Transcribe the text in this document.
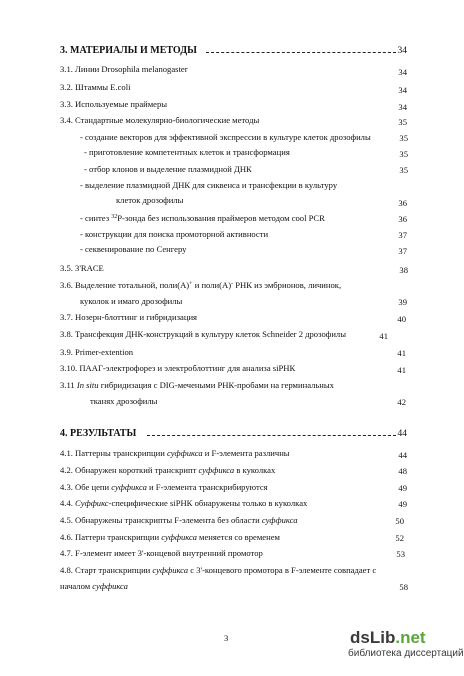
3. МАТЕРИАЛЫ И МЕТОДЫ	34
3.1. Линии Drosophila melanogaster	34
3.2. Штаммы E.coli	34
3.3. Используемые праймеры	34
3.4. Стандартные молекулярно-биологические методы	35
- создание векторов для эффективной экспрессии в культуре клеток дрозофилы	35
- приготовление компетентных клеток и трансформация	35
- отбор клонов и выделение плазмидной ДНК	35
- выделение плазмидной ДНК для сиквенса и трансфекции в культуру
клеток дрозофилы	36
- синтез $^{32}$P-зонда без использования праймеров методом cool PCR	36
- конструкции для поиска промоторной активности	37
- секвенирование по Сенгеру	37
3.5. 3'RACE	38
3.6. Выделение тотальной, поли(А)+ и поли(А)- РНК из эмбрионов, личинок,
куколок и имаго дрозофилы	39
3.7. Нозерн-блоттинг и гибридизация	40
3.8. Трансфекция ДНК-конструкций в культуру клеток Schneider 2 дрозофилы	41
3.9. Primer-extention	41
3.10. ПААГ-электрофорез и электроблоттинг для анализа siРНК	41
3.11 In situ гибридизация с DIG-мечеными РНК-пробами на герминальных
тканях дрозофилы	42
4. РЕЗУЛЬТАТЫ	44
4.1. Паттерны транскрипции суффикса и F-элемента различны	44
4.2. Обнаружен короткий транскрипт суффикса в куколках	48
4.3. Обе цепи суффикса и F-элемента транскрибируются	49
4.4. Суффикс-специфические siРНК обнаружены только в куколках	49
4.5. Обнаружены транскрипты F-элемента без области суффикса	50
4.6. Паттерн транскрипции суффикса меняется со временем	52
4.7. F-элемент имеет 3'-концевой внутренний промотор	53
4.8. Старт транскрипции суффикса с 3'-концевого промотора в F-элементе совпадает с
началом суффикса	58
3	dsLib.net
библиотека диссертаций
